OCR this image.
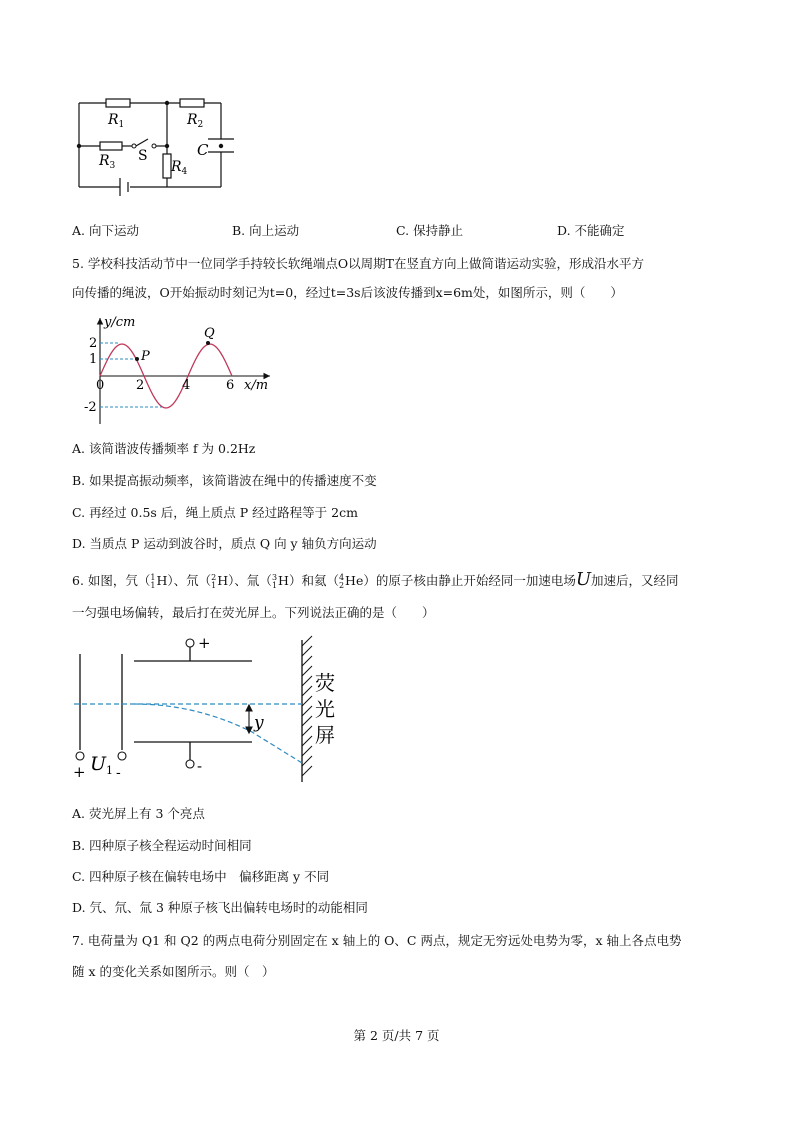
$R_1$	$R_2$
$R_3$	$R_4$
S	C
A. 向下运动	B. 向上运动	C. 保持静止	D. 不能确定
5. 学校科技活动节中一位同学手持较长软绳端点O以周期T在竖直方向上做简谐运动实验，形成沿水平方
向传播的绳波，O开始振动时刻记为t=0，经过t=3s后该波传播到x=6m处，如图所示，则（　　）
y/cm
x/m
2
1
-2
0 2	4	6
P
Q
A. 该简谐波传播频率 f 为 0.2Hz
B. 如果提高振动频率，该简谐波在绳中的传播速度不变
C. 再经过 0.5s 后，绳上质点 P 经过路程等于 2cm
D. 当质点 P 运动到波谷时，质点 Q 向 y 轴负方向运动
6. 如图，氕（ 1
1 H）、氘（ 2
1 H）、氚（ 3
1 H）和氦（ 4
2 He）的原子核由静止开始经同一加速电场U加速后，又经同
一匀强电场偏转，最后打在荧光屏上。下列说法正确的是（　　）
+
-
+ -
$U_1$
y
荧
光
屏
A. 荧光屏上有 3 个亮点
B. 四种原子核全程运动时间相同
C. 四种原子核在偏转电场中　偏移距离 y 不同
D. 氕、氘、氚 3 种原子核飞出偏转电场时的动能相同
7. 电荷量为 Q1 和 Q2 的两点电荷分别固定在 x 轴上的 O、C 两点，规定无穷远处电势为零，x 轴上各点电势
随 x 的变化关系如图所示。则（　）
第 2 页/共 7 页
